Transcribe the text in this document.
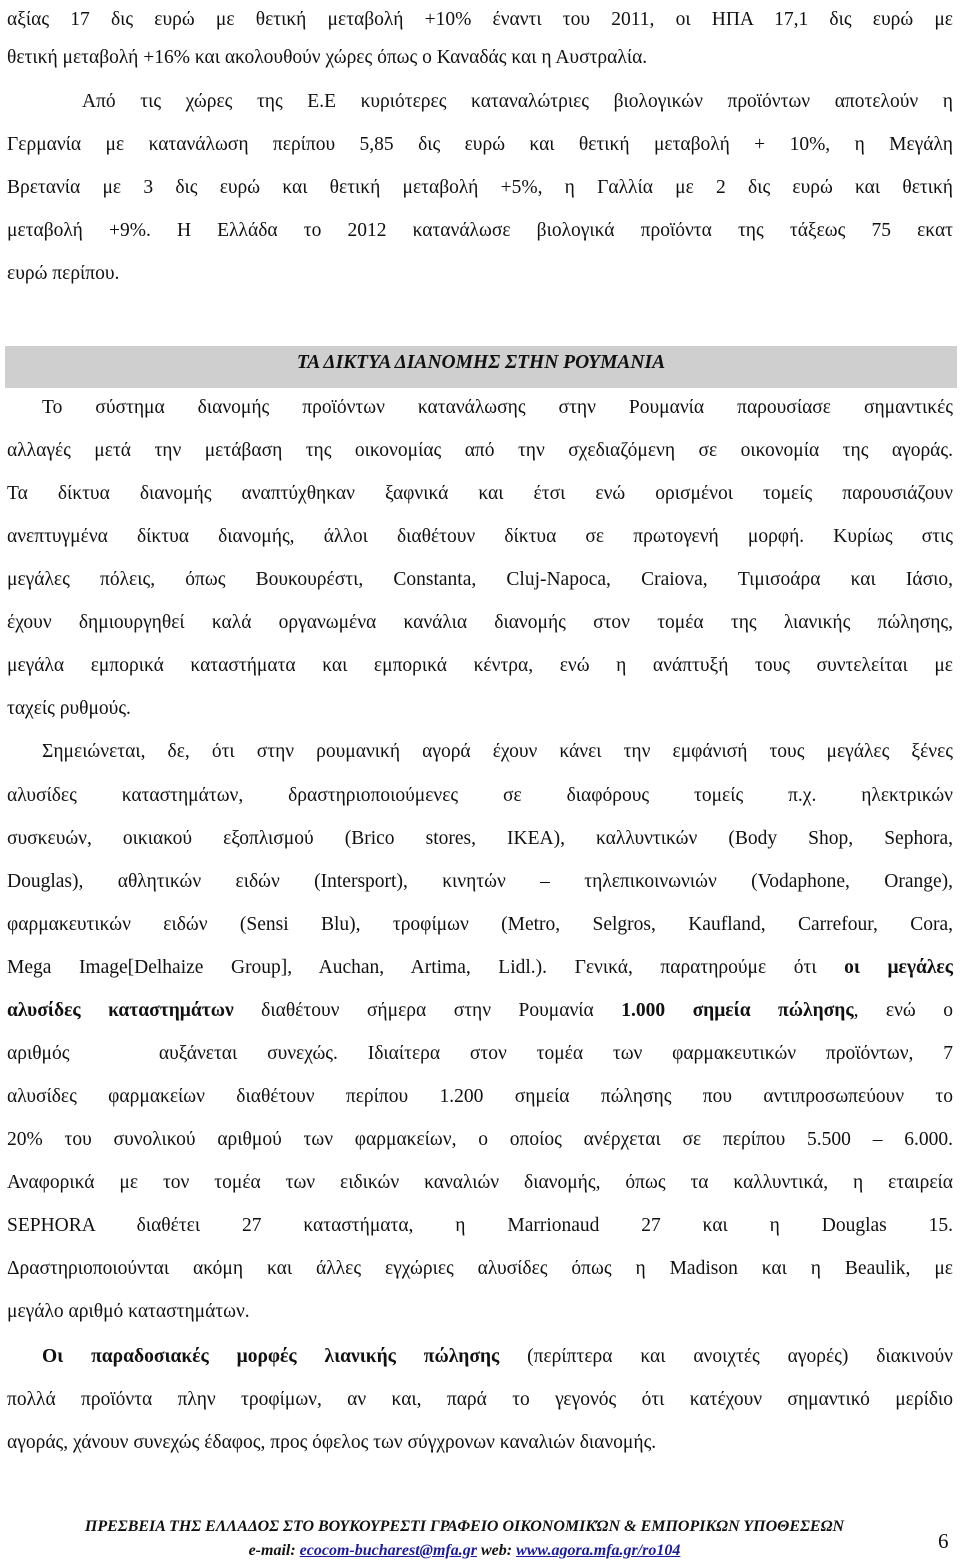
αξίας 17 δις ευρώ με θετική μεταβολή +10% έναντι του 2011, οι ΗΠΑ 17,1 δις ευρώ με
θετική μεταβολή +16% και ακολουθούν χώρες όπως ο Καναδάς και η Αυστραλία.
Από τις χώρες της Ε.Ε κυριότερες καταναλώτριες βιολογικών προϊόντων αποτελούν η
Γερμανία με κατανάλωση περίπου 5,85 δις ευρώ και θετική μεταβολή + 10%, η Μεγάλη
Βρετανία με 3 δις ευρώ και θετική μεταβολή +5%, η Γαλλία με 2 δις ευρώ και θετική
μεταβολή +9%. Η Ελλάδα το 2012 κατανάλωσε βιολογικά προϊόντα της τάξεως 75 εκατ
ευρώ περίπου.
ΤΑ ΔΙΚΤΥΑ ΔΙΑΝΟΜΗΣ ΣΤΗΝ ΡΟΥΜΑΝΙΑ
Το σύστημα διανομής προϊόντων κατανάλωσης στην Ρουμανία παρουσίασε σημαντικές
αλλαγές μετά την μετάβαση της οικονομίας από την σχεδιαζόμενη σε οικονομία της αγοράς.
Τα δίκτυα διανομής αναπτύχθηκαν ξαφνικά και έτσι ενώ ορισμένοι τομείς παρουσιάζουν
ανεπτυγμένα δίκτυα διανομής, άλλοι διαθέτουν δίκτυα σε πρωτογενή μορφή. Κυρίως στις
μεγάλες πόλεις, όπως Βουκουρέστι, Constanta, Cluj-Napoca, Craiova, Τιμισοάρα και Ιάσιο,
έχουν δημιουργηθεί καλά οργανωμένα κανάλια διανομής στον τομέα της λιανικής πώλησης,
μεγάλα εμπορικά καταστήματα και εμπορικά κέντρα, ενώ η ανάπτυξή τους συντελείται με
ταχείς ρυθμούς.
Σημειώνεται, δε, ότι στην ρουμανική αγορά έχουν κάνει την εμφάνισή τους μεγάλες ξένες
αλυσίδες καταστημάτων, δραστηριοποιούμενες σε διαφόρους τομείς π.χ. ηλεκτρικών
συσκευών, οικιακού εξοπλισμού (Brico stores, IKEA), καλλυντικών (Body Shop, Sephora,
Douglas), αθλητικών ειδών (Intersport), κινητών – τηλεπικοινωνιών (Vodaphone, Orange),
φαρμακευτικών ειδών (Sensi Blu), τροφίμων (Metro, Selgros, Kaufland, Carrefour, Cora,
Mega Image[Delhaize Group], Auchan, Artima, Lidl.). Γενικά, παρατηρούμε ότι οι μεγάλες
αλυσίδες καταστημάτων διαθέτουν σήμερα στην Ρουμανία 1.000 σημεία πώλησης, ενώ ο
αριθμός   αυξάνεται συνεχώς. Ιδιαίτερα στον τομέα των φαρμακευτικών προϊόντων, 7
αλυσίδες φαρμακείων διαθέτουν περίπου 1.200 σημεία πώλησης που αντιπροσωπεύουν το
20% του συνολικού αριθμού των φαρμακείων, ο οποίος ανέρχεται σε περίπου 5.500 – 6.000.
Αναφορικά με τον τομέα των ειδικών καναλιών διανομής, όπως τα καλλυντικά, η εταιρεία
SEPHORA διαθέτει 27 καταστήματα, η Marrionaud 27 και η Douglas 15.
Δραστηριοποιούνται ακόμη και άλλες εγχώριες αλυσίδες όπως η Madison και η Beaulik, με
μεγάλο αριθμό καταστημάτων.
Οι παραδοσιακές μορφές λιανικής πώλησης (περίπτερα και ανοιχτές αγορές) διακινούν
πολλά προϊόντα πλην τροφίμων, αν και, παρά το γεγονός ότι κατέχουν σημαντικό μερίδιο
αγοράς, χάνουν συνεχώς έδαφος, προς όφελος των σύγχρονων καναλιών διανομής.
ΠΡΕΣΒΕΙΑ ΤΗΣ ΕΛΛΑΔΟΣ ΣΤΟ ΒΟΥΚΟΥΡΕΣΤΙ ΓΡΑΦΕΙΟ ΟΙΚΟΝΟΜΙΚΏΝ & ΕΜΠΟΡΙΚΩΝ ΥΠΟΘΕΣΕΩΝ
e-mail: ecocom-bucharest@mfa.gr web: www.agora.mfa.gr/ro104	6
